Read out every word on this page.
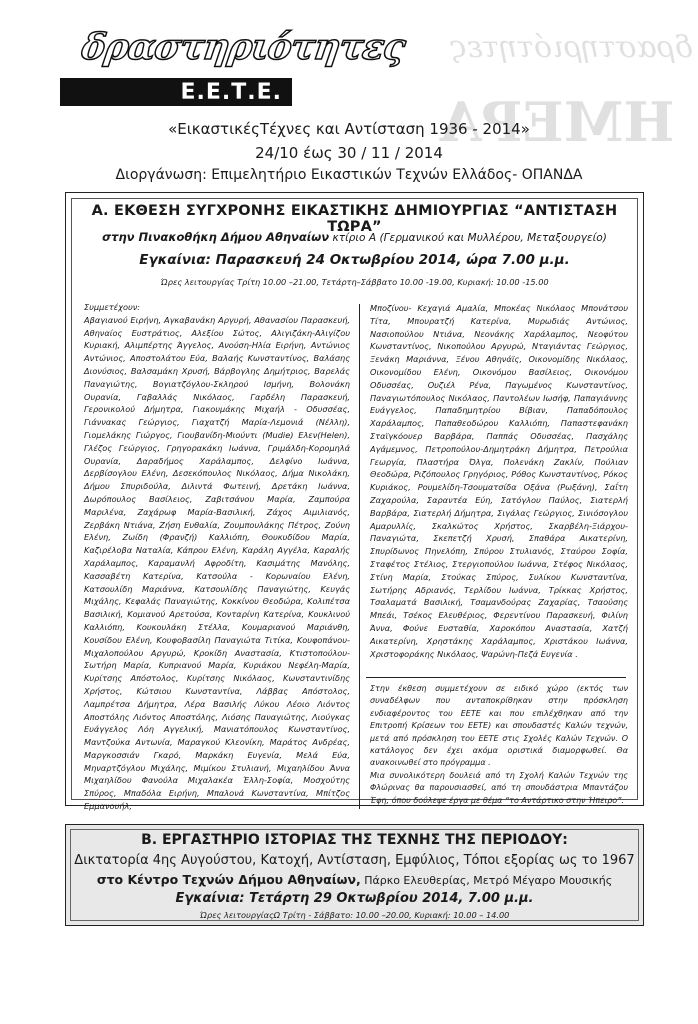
δραστηριότητες
ΗΜΕΡΑ
δραστηριότητες
Ε.Ε.Τ.Ε.
«ΕικαστικέςΤέχνες και Αντίσταση 1936 - 2014»
24/10 έως 30 / 11 / 2014
Διοργάνωση: Επιμελητήριο Εικαστικών Τεχνών Ελλάδος- ΟΠΑΝΔΑ
Α. ΕΚΘΕΣΗ ΣΥΓΧΡΟΝΗΣ ΕΙΚΑΣΤΙΚΗΣ ΔΗΜΙΟΥΡΓΙΑΣ “ΑΝΤΙΣΤΑΣΗ ΤΩΡΑ”
στην Πινακοθήκη Δήμου Αθηναίων κτίριο Α (Γερμανικού και Μυλλέρου, Μεταξουργείο)
Εγκαίνια: Παρασκευή 24 Οκτωβρίου 2014, ώρα 7.00 μ.μ.
Ώρες λειτουργίας Τρίτη 10.00 –21.00, Τετάρτη–Σάββατο 10.00 -19.00, Κυριακή: 10.00 -15.00
Συμμετέχουν:
Αβαγιανού Ειρήνη, Αγκαβανάκη Αργυρή, Αθανασίου Παρασκευή, Αθηναίος Ευστράτιος, Αλεξίου Σώτος, Αλιγιζάκη-Αλιγίζου Κυριακή, Αλιμπέρτης Άγγελος, Ανούση-Ηλία Ειρήνη, Αντώνιος Αντώνιος, Αποστολάτου Εύα, Βαλαής Κωνσταντίνος, Βαλάσης Διονύσιος, Βαλσαμάκη Χρυσή, Βάρβογλης Δημήτριος, Βαρελάς Παναγιώτης, Βογιατζόγλου-Σκληρού Ισμήνη, Βολονάκη Ουρανία, Γαβαλλάς Νικόλαος, Γαρδέλη Παρασκευή, Γερονικολού Δήμητρα, Γιακουμάκης Μιχαήλ - Οδυσσέας, Γιάννακας Γεώργιος, Γιαχατζή Μαρία-Λεμονιά (Νέλλη), Γιομελάκης Γιώργος, Γιουβανίδη-Μιούντι (Mudie) Ελεν(Helen), Γλέζος Γεώργιος, Γρηγορακάκη Ιωάννα, Γριμάλδη-Κορομηλά Ουρανία, Δαραδήμος Χαράλαμπος, Δελφίνο Ιωάννα, Δερβίσογλου Ελένη, Δεσεκόπουλος Νικόλαος, Δήμα Νικολάκη, Δήμου Σπυριδούλα, Διλιντά Φωτεινή, Δρετάκη Ιωάννα, Δωρόπουλος Βασίλειος, Ζαβιτσάνου Μαρία, Ζαμπούρα Μαριλένα, Ζαχάρωφ Μαρία-Βασιλική, Ζάχος Αιμιλιανός, Ζερβάκη Ντιάνα, Ζήση Ευθαλία, Ζουμπουλάκης Πέτρος, Ζούνη Ελένη, Ζωίδη (Φρανζή) Καλλιόπη, Θουκυδίδου Μαρία, Καζιρέλοβα Ναταλία, Κάπρου Ελένη, Καράλη Αγγέλα, Καραλής Χαράλαμπος, Καραμανλή Αφροδίτη, Κασιμάτης Μανόλης, Κασσαβέτη Κατερίνα, Κατσούλα - Κορωναίου Ελένη, Κατσουλίδη Μαριάννα, Κατσουλίδης Παναγιώτης, Κευγάς Μιχάλης, Κεφαλάς Παναγιώτης, Κοκκίνου Θεοδώρα, Κολιπέτσα Βασιλική, Κομιανού Αρετούσα, Κονταρίνη Κατερίνα, Κουκλινού Καλλιόπη, Κουκουλάκη Στέλλα, Κουμαριανού Μαριάνθη, Κουσίδου Ελένη, Κουφοβασίλη Παναγιώτα Τιτίκα, Κουφοπάνου-Μιχαλοπούλου Αργυρώ, Κροκίδη Αναστασία, Κτιστοπούλου-Σωτήρη Μαρία, Κυπριανού Μαρία, Κυριάκου Νεφέλη-Μαρία, Κυρίτσης Απόστολος, Κυρίτσης Νικόλαος, Κωνσταντινίδης Χρήστος, Κώτσιου Κωνσταντίνα, Λάββας Απόστολος, Λαμπρέτσα Δήμητρα, Λέρα Βασιλής Λύκου Λέοιο Λιόντος Αποστόλης Λιόντος Αποστόλης, Λιόσης Παναγιώτης, Λιούγκας Ευάγγελος Λόη Αγγελική, Μανιατόπουλος Κωνσταντίνος, Μαντζούκα Αντωνία, Μαραγκού Κλεονίκη, Μαράτος Ανδρέας, Μαργκοσσιάν Γκαρό, Μαρκάκη Ευγενία, Μελά Εύα, Μηναρτζόγλου Μιχάλης, Μιμίκου Στυλιανή, Μιχαηλίδου Άννα Μιχαηλίδου Φανούλα Μιχαλακέα Έλλη-Σοφία, Μοσχούτης Σπύρος, Μπαδόλα Ειρήνη, Μπαλονά Κωνσταντίνα, Μπίτζος Εμμανουήλ,
Μποζίνου- Κεχαγιά Αμαλία, Μποκέας Νικόλαος Μπονάτσου Τίτα, Μπουρατζή Κατερίνα, Μυρωδιάς Αντώνιος, Νασιοπούλου Ντιάνα, Νεονάκης Χαράλαμπος, Νεοφύτου Κωνσταντίνος, Νικοπούλου Αργυρώ, Νταγιάντας Γεώργιος, Ξενάκη Μαριάννα, Ξένου Αθηνάϊς, Οικονομίδης Νικόλαος, Οικονομίδου Ελένη, Οικονόμου Βασίλειος, Οικονόμου Οδυσσέας, Ουζιέλ Ρένα, Παγωμένος Κωνσταντίνος, Παναγιωτόπουλος Νικόλαος, Παντολέων Ιωσήφ, Παπαγιάννης Ευάγγελος, Παπαδημητρίου Βίβιαν, Παπαδόπουλος Χαράλαμπος, Παπαθεοδώρου Καλλιόπη, Παπαστεφανάκη Σταϊγκόουερ Βαρβάρα, Παππάς Οδυσσέας, Πασχάλης Αγάμεμνος, Πετροπούλου-Δημητράκη Δήμητρα, Πετρούλια Γεωργία, Πλαστήρα Όλγα, Πολενάκη Ζακλίν, Πούλιαν Θεοδώρα, Ριζόπουλος Γρηγόριος, Ρόθος Κωνσταντίνος, Ρόκος Κυριάκος, Ρουμελίδη-Τσουματσίδα Οξάνα (Ρωξάνη), Σαΐτη Ζαχαρούλα, Σαραντέα Εύη, Σατόγλου Παύλος, Σιατερλή Βαρβάρα, Σιατερλή Δήμητρα, Σιγάλας Γεώργιος, Σινιόσογλου Αμαρυλλίς, Σκαλκώτος Χρήστος, Σκαρβέλη-Ξιάρχου- Παναγιώτα, Σκεπετζή Χρυσή, Σπαθάρα Αικατερίνη, Σπυρίδωνος Πηνελόπη, Σπύρου Στυλιανός, Σταύρου Σοφία, Σταφέτος Στέλιος, Στεργιοπούλου Ιωάννα, Στέφος Νικόλαος, Στίνη Μαρία, Στούκας Σπύρος, Συλίκου Κωνσταντίνα, Σωτήρης Αδριανός, Τερλίδου Ιωάννα, Τρίκκας Χρήστος, Τσαλαματά Βασιλική, Τσαμανδούρας Ζαχαρίας, Τσαούσης Μπεάι, Τσέκος Ελευθέριος, Φερεντίνου Παρασκευή, Φιλίνη Άννα, Φούνε Ευσταθία, Χαροκόπου Αναστασία, Χατζή Αικατερίνη, Χρηστάκης Χαράλαμπος, Χριστάκου Ιωάννα, Χριστοφοράκης Νικόλαος, Ψαρώνη-Πεζά Ευγενία .
Στην έκθεση συμμετέχουν σε ειδικό χώρο (εκτός των συναδέλφων που ανταποκρίθηκαν στην πρόσκληση ενδιαφέροντος του ΕΕΤΕ και που επιλέχθηκαν από την Επιτροπή Κρίσεων του ΕΕΤΕ) και σπουδαστές Καλών τεχνών, μετά από πρόσκληση του ΕΕΤΕ στις Σχολές Καλών Τεχνών. Ο κατάλογος δεν έχει ακόμα οριστικά διαμορφωθεί. Θα ανακοινωθεί στο πρόγραμμα .
Μια συνολικότερη δουλειά από τη Σχολή Καλών Τεχνών της Φλώρινας θα παρουσιασθεί, από τη σπουδάστρια Μπαντάζου Έφη, όπου δούλεψε έργα με θέμα “το Αντάρτικο στην Ήπειρο”.
Β. ΕΡΓΑΣΤΗΡΙΟ ΙΣΤΟΡΙΑΣ ΤΗΣ ΤΕΧΝΗΣ ΤΗΣ ΠΕΡΙΟΔΟΥ:
Δικτατορία 4ης Αυγούστου, Κατοχή, Αντίσταση, Εμφύλιος, Τόποι εξορίας ως το 1967
στο Κέντρο Τεχνών Δήμου Αθηναίων, Πάρκο Ελευθερίας, Μετρό Μέγαρο Μουσικής
Εγκαίνια: Τετάρτη 29 Οκτωβρίου 2014, 7.00 μ.μ.
Ώρες λειτουργίαςΩ Τρίτη - Σάββατο: 10.00 –20.00, Κυριακή: 10.00 – 14.00
